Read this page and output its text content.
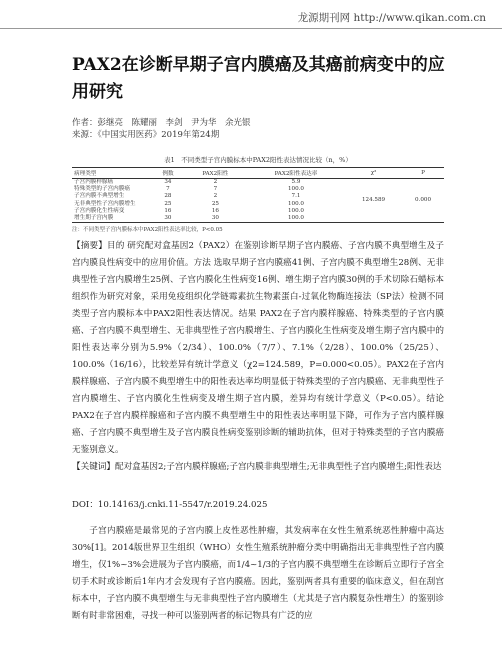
龙源期刊网 http://www.qikan.com.cn
PAX2在诊断早期子宫内膜癌及其癌前病变中的应用研究
作者：彭继亮　陈耀丽　李剑　尹为华　余光银
来源：《中国实用医药》2019年第24期
表1　不同类型子宫内膜标本中PAX2阳性表达情况比较（n，%）
病理类型	例数	PAX2阳性	PAX2阳性表达率	χ²	P
子宫内膜样腺癌	34	2	5.9	124.589	0.000
特殊类型的子宫内膜癌	7	7	100.0		
子宫内膜不典型增生	28	2	7.1		
无非典型性子宫内膜增生	25	25	100.0		
子宫内膜化生性病变	16	16	100.0		
增生期子宫内膜	30	30	100.0		
注：不同类型子宫内膜标本中PAX2阳性表达率比较，P<0.05

【摘要】目的 研究配对盒基因2（PAX2）在鉴别诊断早期子宫内膜癌、子宫内膜不典型增生及子宫内膜良性病变中的应用价值。方法 选取早期子宫内膜癌41例、子宫内膜不典型增生28例、无非典型性子宫内膜增生25例、子宫内膜化生性病变16例、增生期子宫内膜30例的手术切除石蜡标本组织作为研究对象，采用免疫组织化学链霉素抗生物素蛋白-过氧化物酶连接法（SP法）检测不同类型子宫内膜标本中PAX2阳性表达情况。结果 PAX2在子宫内膜样腺癌、特殊类型的子宫内膜癌、子宫内膜不典型增生、无非典型性子宫内膜增生、子宫内膜化生性病变及增生期子宫内膜中的阳性表达率分别为5.9%（2/34）、100.0%（7/7）、7.1%（2/28）、100.0%（25/25）、100.0%（16/16），比较差异有统计学意义（χ2=124.589，P=0.000<0.05）。PAX2在子宫内膜样腺癌、子宫内膜不典型增生中的阳性表达率均明显低于特殊类型的子宫内膜癌、无非典型性子宫内膜增生、子宫内膜化生性病变及增生期子宫内膜，差异均有统计学意义（P<0.05）。结论 PAX2在子宫内膜样腺癌和子宫内膜不典型增生中的阳性表达率明显下降，可作为子宫内膜样腺癌、子宫内膜不典型增生及子宫内膜良性病变鉴别诊断的辅助抗体，但对于特殊类型的子宫内膜癌无鉴别意义。

【关键词】配对盒基因2;子宫内膜样腺癌;子宫内膜非典型增生;无非典型性子宫内膜增生;阳性表达

DOI：10.14163/j.cnki.11-5547/r.2019.24.025

子宫内膜癌是最常见的子宫内膜上皮性恶性肿瘤，其发病率在女性生殖系统恶性肿瘤中高达30%[1]。2014版世界卫生组织（WHO）女性生殖系统肿瘤分类中明确指出无非典型性子宫内膜增生，仅1%~3%会进展为子宫内膜癌，而1/4~1/3的子宫内膜不典型增生在诊断后立即行子宫全切手术时或诊断后1年内才会发现有子宫内膜癌。因此，鉴别两者具有重要的临床意义，但在刮宫标本中，子宫内膜不典型增生与无非典型性子宫内膜增生（尤其是子宫内膜复杂性增生）的鉴别诊断有时非常困难，寻找一种可以鉴别两者的标记物具有广泛的应
